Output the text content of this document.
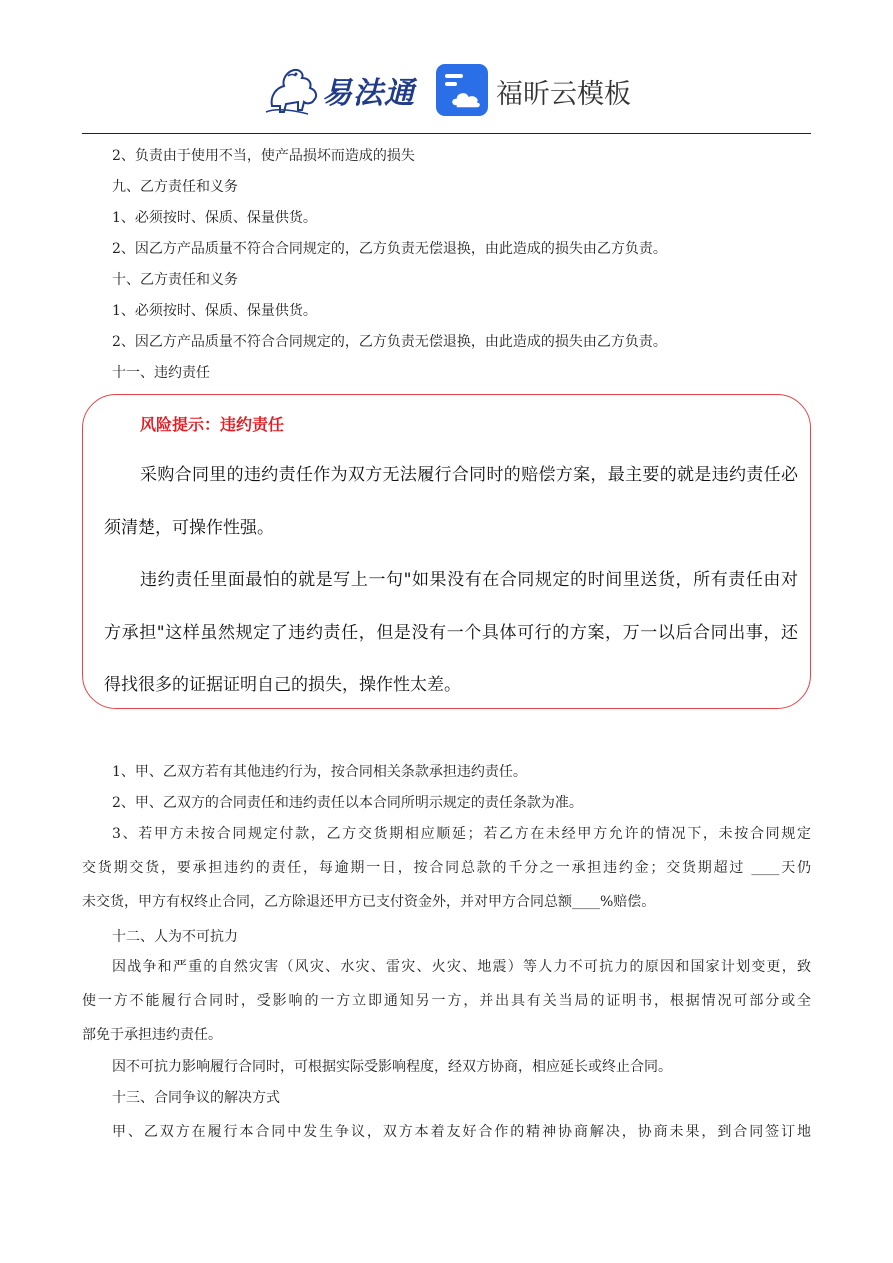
易法通	福昕云模板
2、负责由于使用不当，使产品损坏而造成的损失
九、乙方责任和义务
1、必须按时、保质、保量供货。
2、因乙方产品质量不符合合同规定的，乙方负责无偿退换，由此造成的损失由乙方负责。
十、乙方责任和义务
1、必须按时、保质、保量供货。
2、因乙方产品质量不符合合同规定的，乙方负责无偿退换，由此造成的损失由乙方负责。
十一、违约责任
风险提示：违约责任
采购合同里的违约责任作为双方无法履行合同时的赔偿方案，最主要的就是违约责任必
须清楚，可操作性强。
违约责任里面最怕的就是写上一句"如果没有在合同规定的时间里送货，所有责任由对
方承担"这样虽然规定了违约责任，但是没有一个具体可行的方案，万一以后合同出事，还
得找很多的证据证明自己的损失，操作性太差。
1、甲、乙双方若有其他违约行为，按合同相关条款承担违约责任。
2、甲、乙双方的合同责任和违约责任以本合同所明示规定的责任条款为准。
3、若甲方未按合同规定付款，乙方交货期相应顺延；若乙方在未经甲方允许的情况下，未按合同规定
交货期交货，要承担违约的责任，每逾期一日，按合同总款的千分之一承担违约金；交货期超过 ____天仍
未交货，甲方有权终止合同，乙方除退还甲方已支付资金外，并对甲方合同总额____%赔偿。
十二、人为不可抗力
因战争和严重的自然灾害（风灾、水灾、雷灾、火灾、地震）等人力不可抗力的原因和国家计划变更，致
使一方不能履行合同时，受影响的一方立即通知另一方，并出具有关当局的证明书，根据情况可部分或全
部免于承担违约责任。
因不可抗力影响履行合同时，可根据实际受影响程度，经双方协商，相应延长或终止合同。
十三、合同争议的解决方式
甲、乙双方在履行本合同中发生争议，双方本着友好合作的精神协商解决，协商未果，到合同签订地
